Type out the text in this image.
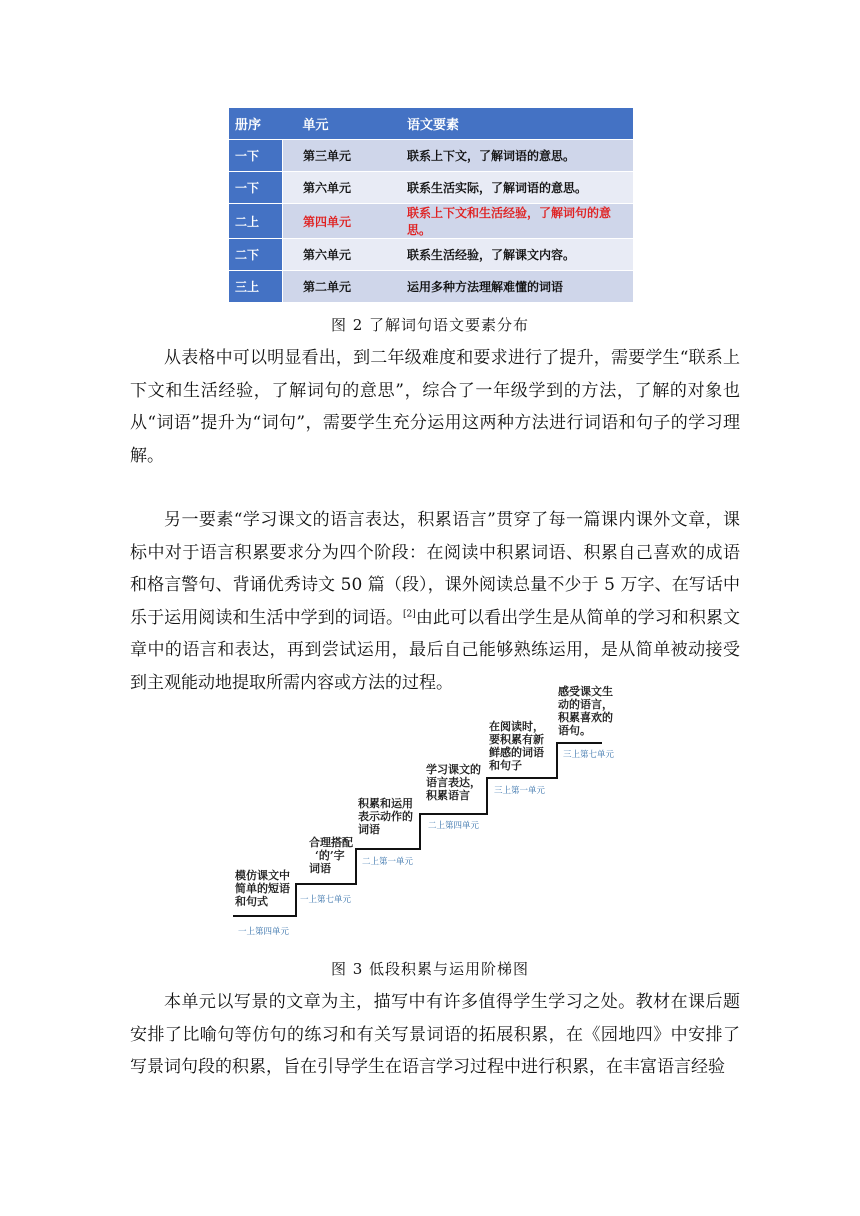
册序	单元	语文要素
一下	第三单元	联系上下文，了解词语的意思。
一下	第六单元	联系生活实际，了解词语的意思。
二上	第四单元	联系上下文和生活经验，了解词句的意思。
二下	第六单元	联系生活经验，了解课文内容。
三上	第二单元	运用多种方法理解难懂的词语
图 2 了解词句语文要素分布

从表格中可以明显看出，到二年级难度和要求进行了提升，需要学生“联系上下文和生活经验，了解词句的意思”，综合了一年级学到的方法，了解的对象也从“词语”提升为“词句”，需要学生充分运用这两种方法进行词语和句子的学习理解。

另一要素“学习课文的语言表达，积累语言”贯穿了每一篇课内课外文章，课标中对于语言积累要求分为四个阶段：在阅读中积累词语、积累自己喜欢的成语和格言警句、背诵优秀诗文 50 篇（段），课外阅读总量不少于 5 万字、在写话中乐于运用阅读和生活中学到的词语。[2]由此可以看出学生是从简单的学习和积累文章中的语言和表达，再到尝试运用，最后自己能够熟练运用，是从简单被动接受到主观能动地提取所需内容或方法的过程。

模仿课文中
简单的短语
和句式
一上第四单元
合理搭配
‘的’字
词语
一上第七单元
积累和运用
表示动作的
词语
二上第一单元
学习课文的
语言表达，
积累语言
二上第四单元
在阅读时，
要积累有新
鲜感的词语
和句子
三上第一单元
感受课文生
动的语言，
积累喜欢的
语句。
三上第七单元
图 3 低段积累与运用阶梯图

本单元以写景的文章为主，描写中有许多值得学生学习之处。教材在课后题安排了比喻句等仿句的练习和有关写景词语的拓展积累，在《园地四》中安排了写景词句段的积累，旨在引导学生在语言学习过程中进行积累，在丰富语言经验
